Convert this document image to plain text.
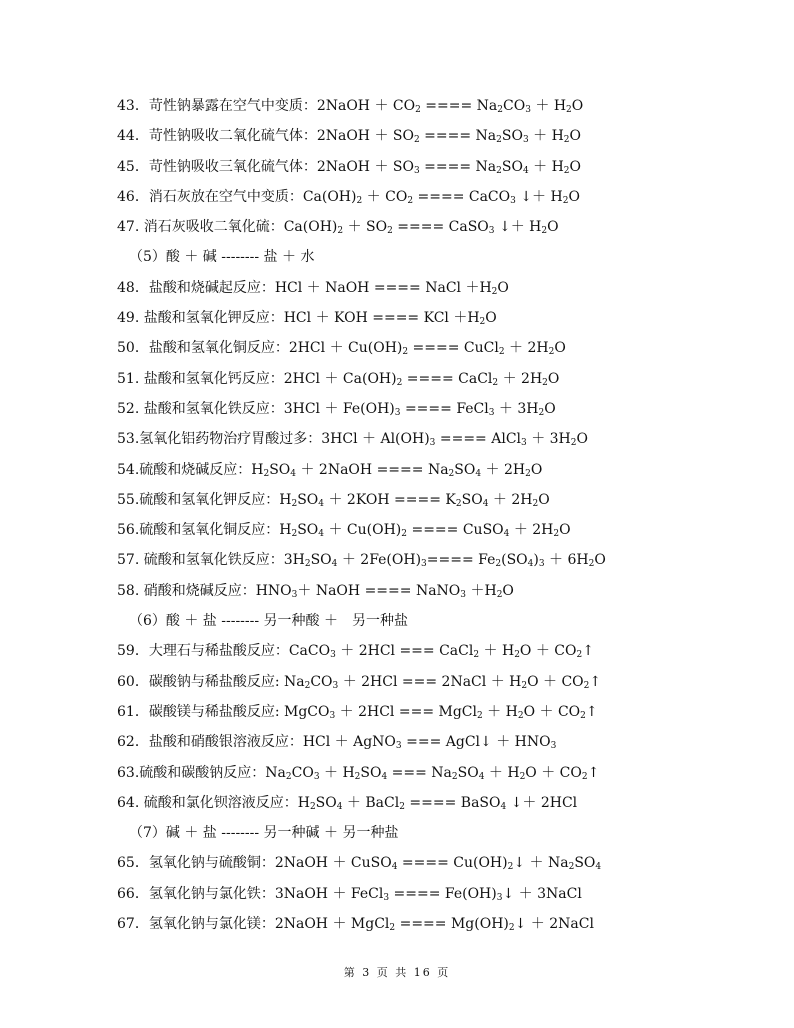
43．苛性钠暴露在空气中变质：2NaOH ＋ $CO_2$ ==== $Na_2CO_3 + H_2O$
44．苛性钠吸收二氧化硫气体：2NaOH ＋ $SO_2$ ==== $Na_2SO_3 + H_2O$
45．苛性钠吸收三氧化硫气体：2NaOH ＋ $SO_3$ ==== $Na_2SO_4 + H_2O$
46．消石灰放在空气中变质：$Ca(OH)_2 + CO_2$ ==== CaCO$_3$ ↓＋ $H_2O$
47. 消石灰吸收二氧化硫：$Ca(OH)_2 + SO_2$ ==== CaSO$_3$ ↓＋ $H_2O$
（5）酸 ＋ 碱 -------- 盐 ＋ 水
48．盐酸和烧碱起反应：HCl ＋ NaOH ==== NaCl $+H_2O$
49. 盐酸和氢氧化钾反应：HCl ＋ KOH ==== KCl $+H_2O$
50．盐酸和氢氧化铜反应：$2HCl + Cu(OH)_2$ ==== CuCl$_2$ ＋ $2H_2O$
51. 盐酸和氢氧化钙反应：$2HCl + Ca(OH)_2$ ==== CaCl$_2$ ＋ $2H_2O$
52. 盐酸和氢氧化铁反应：$3HCl + Fe(OH)_3$ ==== FeCl$_3$ ＋ $3H_2O$
53.氢氧化铝药物治疗胃酸过多：$3HCl + Al(OH)_3$ ==== AlCl$_3$ ＋ $3H_2O$
54.硫酸和烧碱反应：$H_2SO_4$ ＋ 2NaOH ==== $Na_2SO_4 + 2H_2O$
55.硫酸和氢氧化钾反应：$H_2SO_4 + 2KOH$ ==== $K_2SO_4 + 2H_2O$
56.硫酸和氢氧化铜反应：$H_2SO_4 + Cu(OH)_2$ ==== CuSO$_4$ ＋ $2H_2O$
57. 硫酸和氢氧化铁反应：$3H_2SO_4 + 2Fe(OH)_3==== Fe_2(SO_4)_3 + 6H_2O$
58. 硝酸和烧碱反应：$HNO_3+$ NaOH ==== NaNO$_3$ $+H_2O$
（6）酸 ＋ 盐 -------- 另一种酸 ＋　另一种盐
59．大理石与稀盐酸反应：CaCO$_3$ ＋ 2HCl === CaCl$_2$ ＋ $H_2O$ ＋ $CO_2↑$
60．碳酸钠与稀盐酸反应: $Na_2CO_3 + 2HCl$ === 2NaCl ＋ $H_2O$ ＋ $CO_2↑$
61．碳酸镁与稀盐酸反应: MgCO$_3$ ＋ 2HCl === MgCl$_2$ ＋ $H_2O$ ＋ $CO_2↑$
62．盐酸和硝酸银溶液反应：HCl ＋ AgNO$_3$ === AgCl↓ ＋ $HNO_3$
63.硫酸和碳酸钠反应：$Na_2CO_3 + H_2SO_4$ === $Na_2SO_4 + H_2O$ ＋ $CO_2↑$
64. 硫酸和氯化钡溶液反应：$H_2SO_4$ ＋ BaCl$_2$ ==== BaSO$_4$ ↓＋ 2HCl
（7）碱 ＋ 盐 -------- 另一种碱 ＋ 另一种盐
65．氢氧化钠与硫酸铜：2NaOH ＋ CuSO$_4$ ==== $Cu(OH)_2↓ + Na_2SO_4$
66．氢氧化钠与氯化铁：3NaOH ＋ FeCl$_3$ ==== $Fe(OH)_3↓$ ＋ 3NaCl
67．氢氧化钠与氯化镁：2NaOH ＋ MgCl$_2$ ==== $Mg(OH)_2↓$ ＋ 2NaCl
第 3 页 共 16 页
